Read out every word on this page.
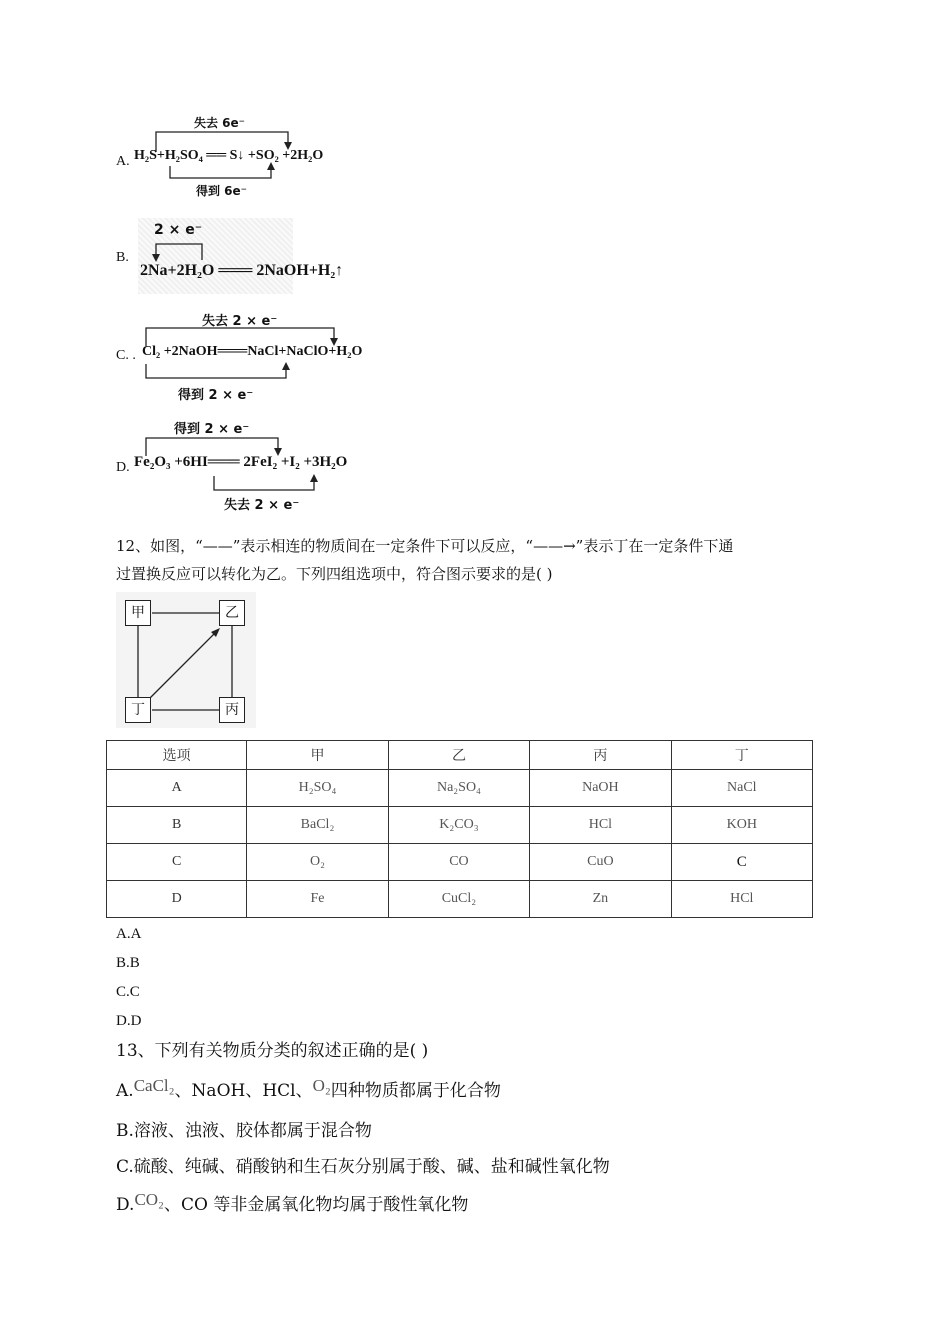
失去 6e⁻
A. H₂S+H₂SO₄ ══ S↓ +SO₂ +2H₂O
得到 6e⁻
2 × e⁻
B.
2Na+2H₂O ═══ 2NaOH+H₂↑
失去 2 × e⁻
C. . Cl₂ +2NaOH═══NaCl+NaClO+H₂O
得到 2 × e⁻
得到 2 × e⁻
D. Fe₂O₃ +6HI═══ 2FeI₂ +I₂ +3H₂O
失去 2 × e⁻
12、如图，“——”表示相连的物质间在一定条件下可以反应，“——→”表示丁在一定条件下通
过置换反应可以转化为乙。下列四组选项中，符合图示要求的是( )
甲	乙
丁	丙
选项	甲	乙	丙	丁
A	H₂SO₄	Na₂SO₄	NaOH	NaCl
B	BaCl₂	K₂CO₃	HCl	KOH
C	O₂	CO	CuO	C
D	Fe	CuCl₂	Zn	HCl
A.A
B.B
C.C
D.D
13、下列有关物质分类的叙述正确的是( )
A.CaCl₂、NaOH、HCl、O₂四种物质都属于化合物
B.溶液、浊液、胶体都属于混合物
C.硫酸、纯碱、硝酸钠和生石灰分别属于酸、碱、盐和碱性氧化物
D.CO₂、CO 等非金属氧化物均属于酸性氧化物
